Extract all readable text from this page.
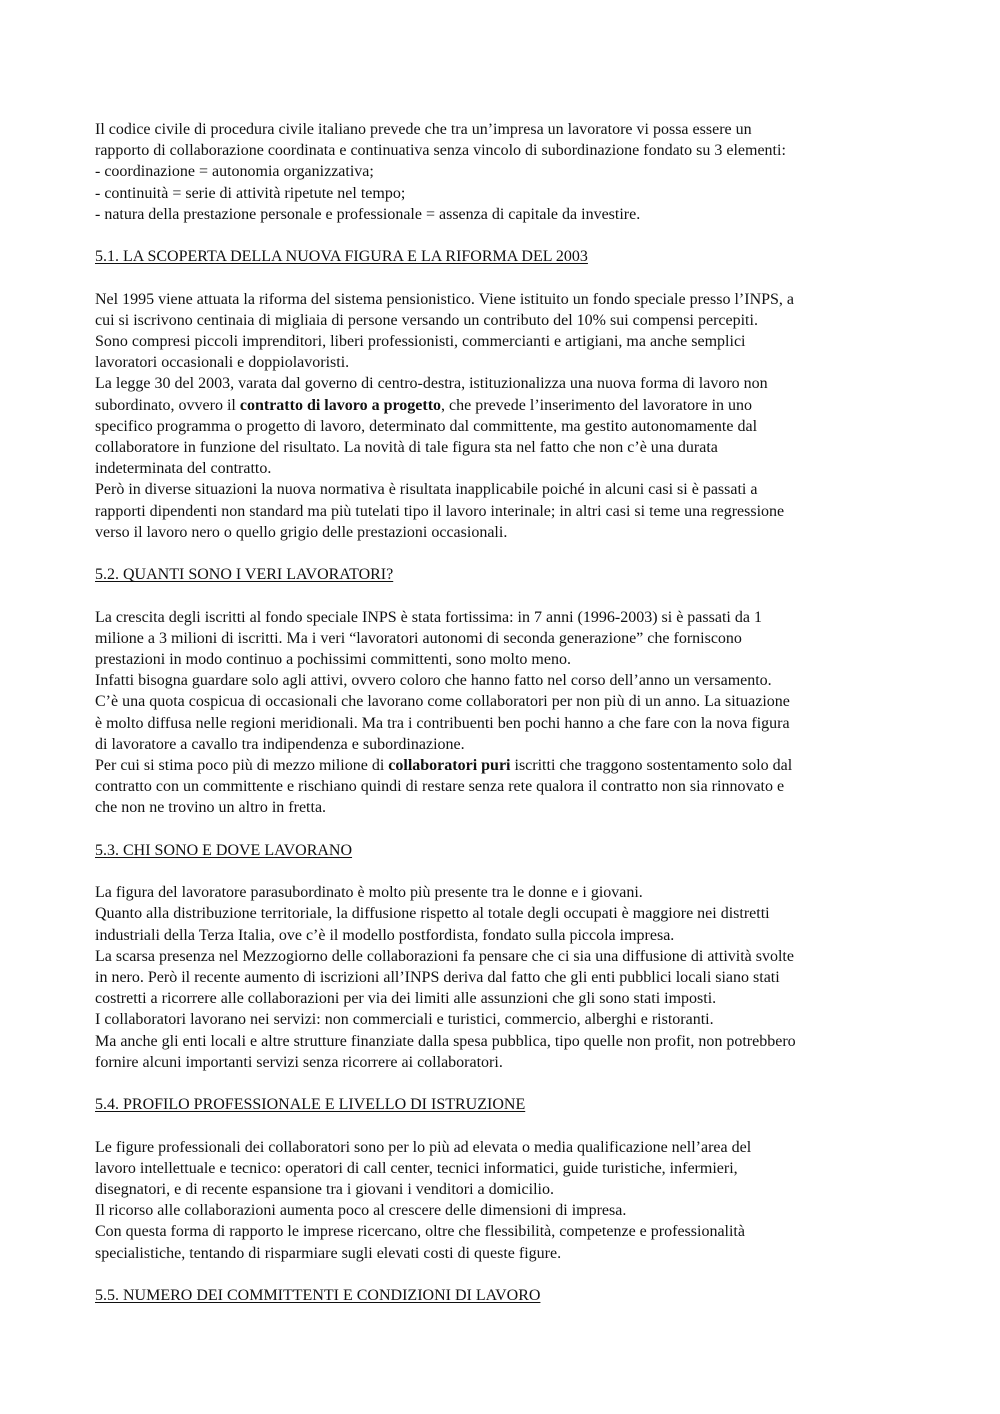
Il codice civile di procedura civile italiano prevede che tra un’impresa un lavoratore vi possa essere un
rapporto di collaborazione coordinata e continuativa senza vincolo di subordinazione fondato su 3 elementi:
- coordinazione = autonomia organizzativa;
- continuità = serie di attività ripetute nel tempo;
- natura della prestazione personale e professionale = assenza di capitale da investire.
5.1. LA SCOPERTA DELLA NUOVA FIGURA E LA RIFORMA DEL 2003
Nel 1995 viene attuata la riforma del sistema pensionistico. Viene istituito un fondo speciale presso l’INPS, a
cui si iscrivono centinaia di migliaia di persone versando un contributo del 10% sui compensi percepiti.
Sono compresi piccoli imprenditori, liberi professionisti, commercianti e artigiani, ma anche semplici
lavoratori occasionali e doppiolavoristi.
La legge 30 del 2003, varata dal governo di centro-destra, istituzionalizza una nuova forma di lavoro non
subordinato, ovvero il contratto di lavoro a progetto, che prevede l’inserimento del lavoratore in uno
specifico programma o progetto di lavoro, determinato dal committente, ma gestito autonomamente dal
collaboratore in funzione del risultato. La novità di tale figura sta nel fatto che non c’è una durata
indeterminata del contratto.
Però in diverse situazioni la nuova normativa è risultata inapplicabile poiché in alcuni casi si è passati a
rapporti dipendenti non standard ma più tutelati tipo il lavoro interinale; in altri casi si teme una regressione
verso il lavoro nero o quello grigio delle prestazioni occasionali.
5.2. QUANTI SONO I VERI LAVORATORI?
La crescita degli iscritti al fondo speciale INPS è stata fortissima: in 7 anni (1996-2003) si è passati da 1
milione a 3 milioni di iscritti. Ma i veri “lavoratori autonomi di seconda generazione” che forniscono
prestazioni in modo continuo a pochissimi committenti, sono molto meno.
Infatti bisogna guardare solo agli attivi, ovvero coloro che hanno fatto nel corso dell’anno un versamento.
C’è una quota cospicua di occasionali che lavorano come collaboratori per non più di un anno. La situazione
è molto diffusa nelle regioni meridionali. Ma tra i contribuenti ben pochi hanno a che fare con la nova figura
di lavoratore a cavallo tra indipendenza e subordinazione.
Per cui si stima poco più di mezzo milione di collaboratori puri iscritti che traggono sostentamento solo dal
contratto con un committente e rischiano quindi di restare senza rete qualora il contratto non sia rinnovato e
che non ne trovino un altro in fretta.
5.3. CHI SONO E DOVE LAVORANO
La figura del lavoratore parasubordinato è molto più presente tra le donne e i giovani.
Quanto alla distribuzione territoriale, la diffusione rispetto al totale degli occupati è maggiore nei distretti
industriali della Terza Italia, ove c’è il modello postfordista, fondato sulla piccola impresa.
La scarsa presenza nel Mezzogiorno delle collaborazioni fa pensare che ci sia una diffusione di attività svolte
in nero. Però il recente aumento di iscrizioni all’INPS deriva dal fatto che gli enti pubblici locali siano stati
costretti a ricorrere alle collaborazioni per via dei limiti alle assunzioni che gli sono stati imposti.
I collaboratori lavorano nei servizi: non commerciali e turistici, commercio, alberghi e ristoranti.
Ma anche gli enti locali e altre strutture finanziate dalla spesa pubblica, tipo quelle non profit, non potrebbero
fornire alcuni importanti servizi senza ricorrere ai collaboratori.
5.4. PROFILO PROFESSIONALE E LIVELLO DI ISTRUZIONE
Le figure professionali dei collaboratori sono per lo più ad elevata o media qualificazione nell’area del
lavoro intellettuale e tecnico: operatori di call center, tecnici informatici, guide turistiche, infermieri,
disegnatori, e di recente espansione tra i giovani i venditori a domicilio.
Il ricorso alle collaborazioni aumenta poco al crescere delle dimensioni di impresa.
Con questa forma di rapporto le imprese ricercano, oltre che flessibilità, competenze e professionalità
specialistiche, tentando di risparmiare sugli elevati costi di queste figure.
5.5. NUMERO DEI COMMITTENTI E CONDIZIONI DI LAVORO
